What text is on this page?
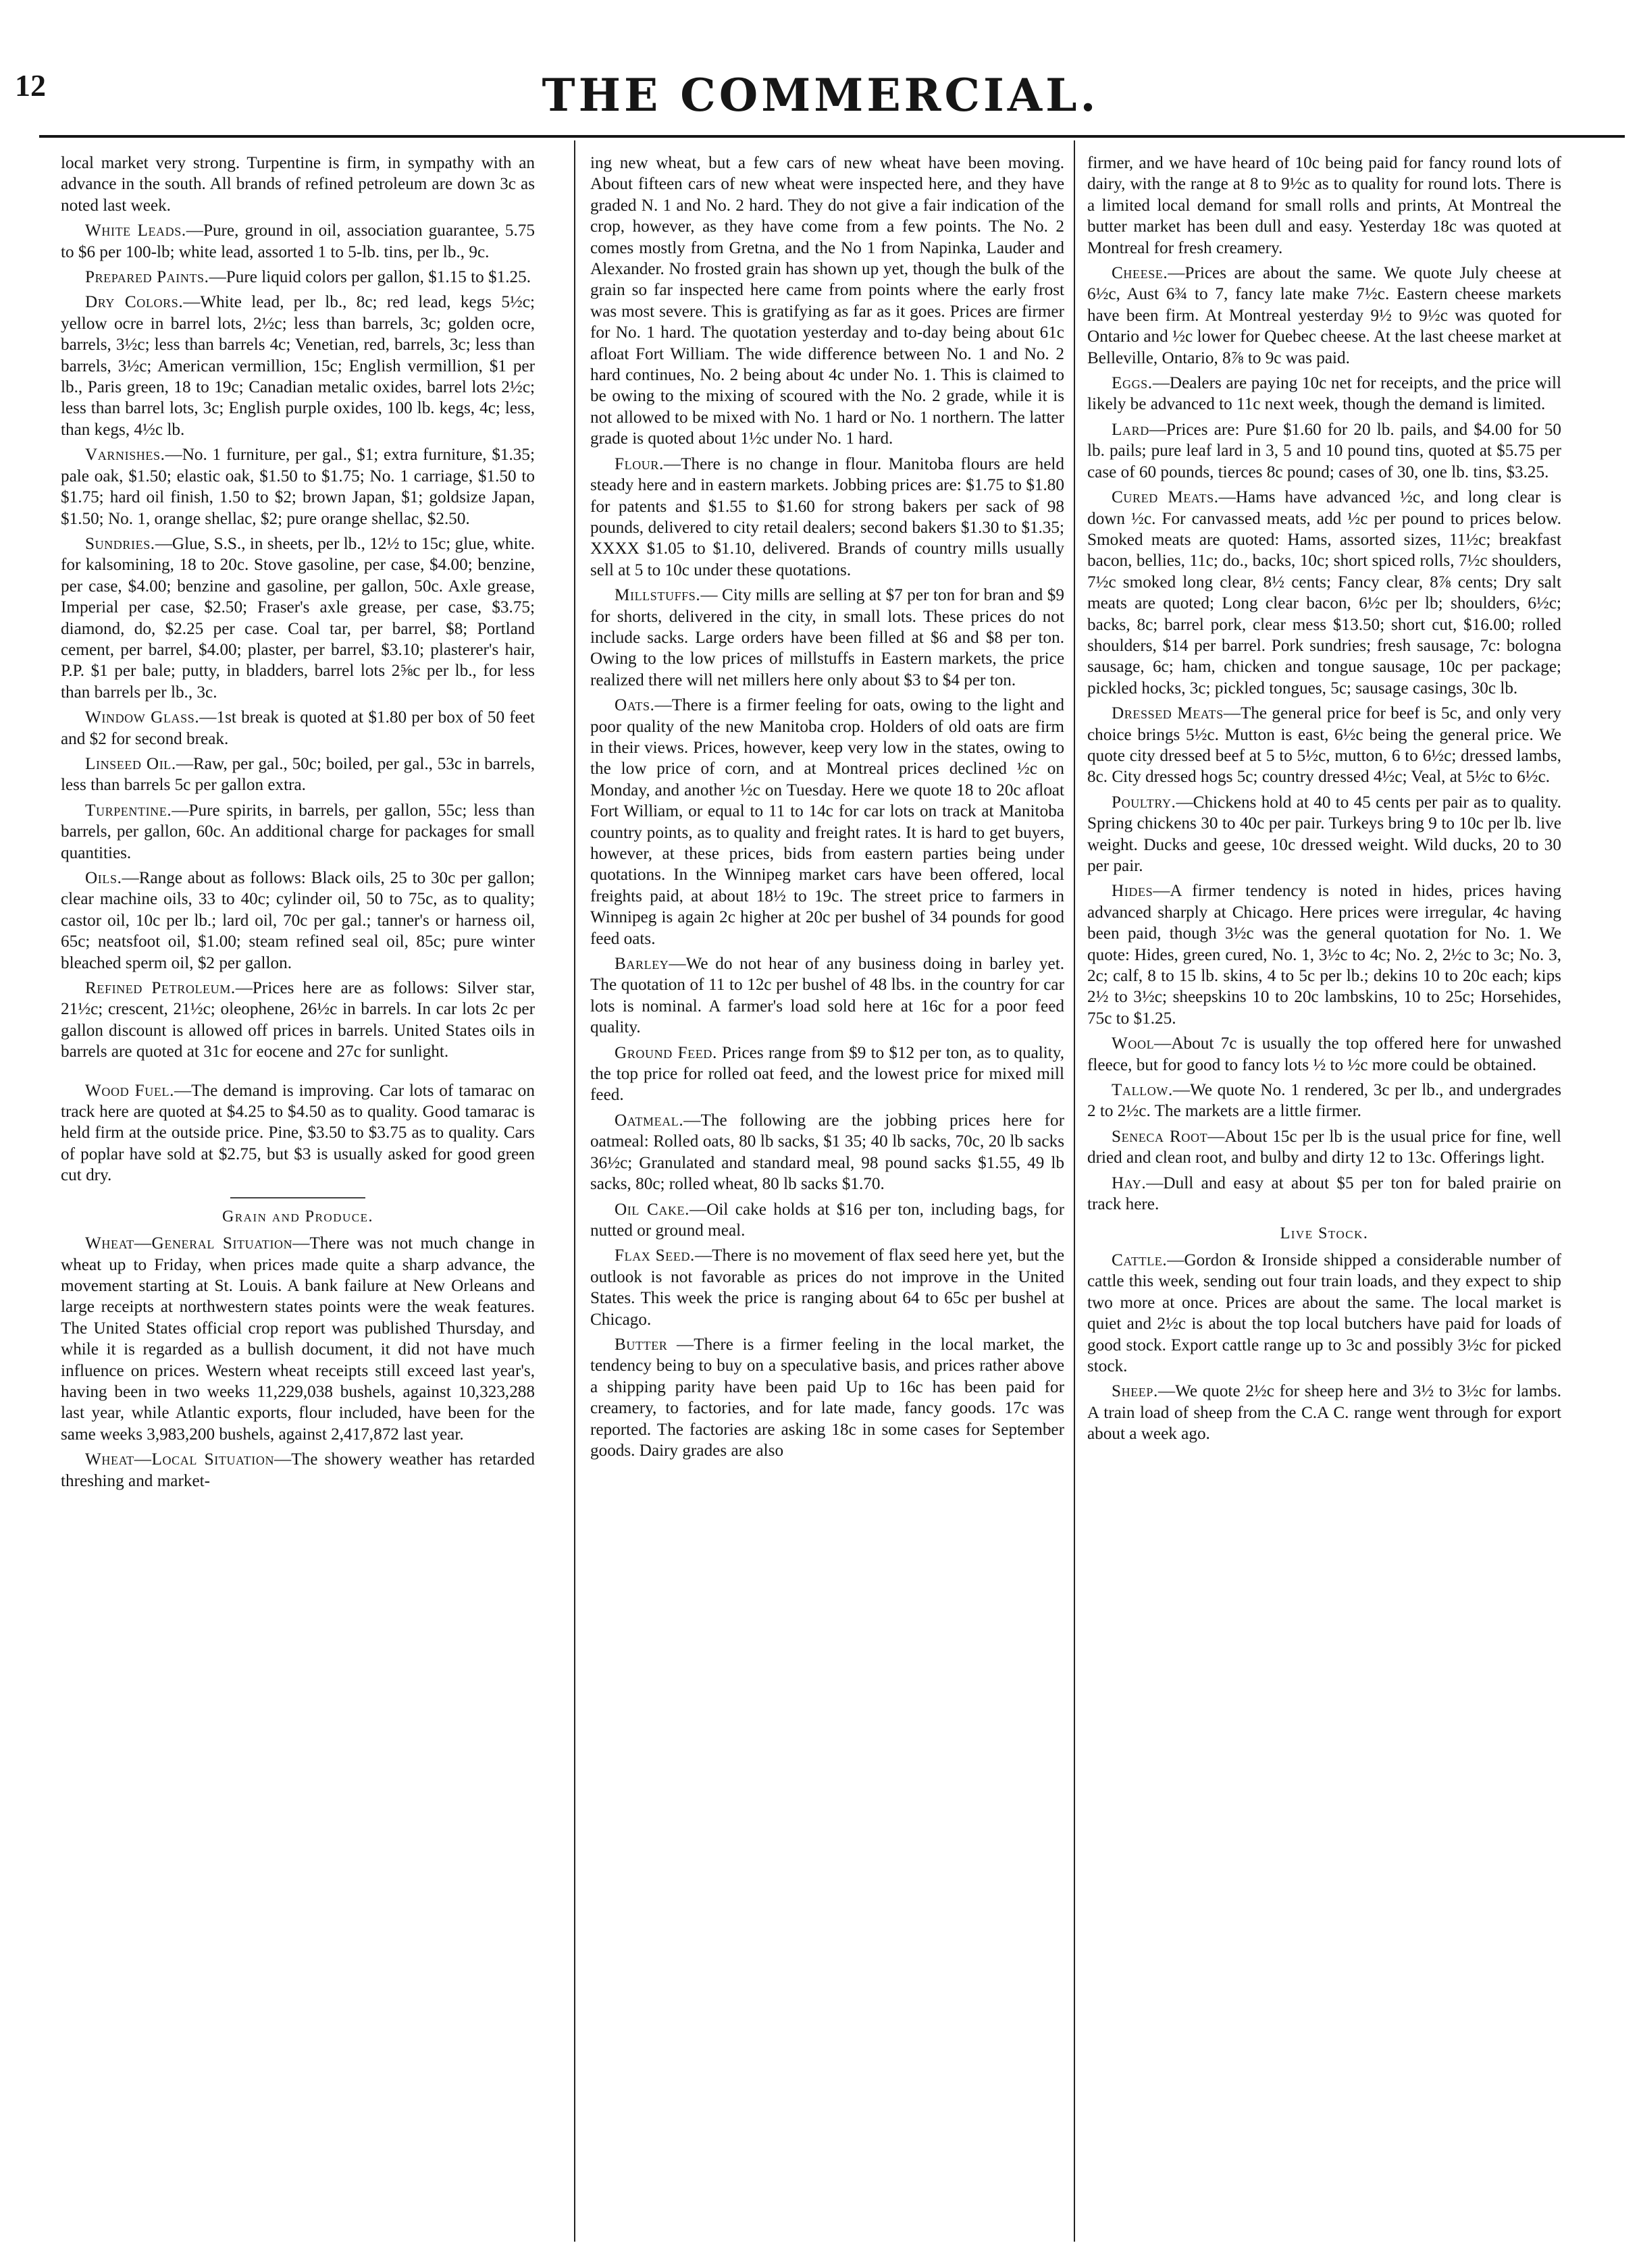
12	THE COMMERCIAL.

local market very strong. Turpentine is firm, in sympathy with an advance in the south. All brands of refined petroleum are down 3c as noted last week.

White Leads.—Pure, ground in oil, association guarantee, 5.75 to $6 per 100-lb; white lead, assorted 1 to 5-lb. tins, per lb., 9c.

Prepared Paints.—Pure liquid colors per gallon, $1.15 to $1.25.

Dry Colors.—White lead, per lb., 8c; red lead, kegs 5½c; yellow ocre in barrel lots, 2½c; less than barrels, 3c; golden ocre, barrels, 3½c; less than barrels 4c; Venetian, red, barrels, 3c; less than barrels, 3½c; American vermillion, 15c; English vermillion, $1 per lb., Paris green, 18 to 19c; Canadian metalic oxides, barrel lots 2½c; less than barrel lots, 3c; English purple oxides, 100 lb. kegs, 4c; less, than kegs, 4½c lb.

Varnishes.—No. 1 furniture, per gal., $1; extra furniture, $1.35; pale oak, $1.50; elastic oak, $1.50 to $1.75; No. 1 carriage, $1.50 to $1.75; hard oil finish, 1.50 to $2; brown Japan, $1; goldsize Japan, $1.50; No. 1, orange shellac, $2; pure orange shellac, $2.50.

Sundries.—Glue, S.S., in sheets, per lb., 12½ to 15c; glue, white. for kalsomining, 18 to 20c. Stove gasoline, per case, $4.00; benzine, per case, $4.00; benzine and gasoline, per gallon, 50c. Axle grease, Imperial per case, $2.50; Fraser's axle grease, per case, $3.75; diamond, do, $2.25 per case. Coal tar, per barrel, $8; Portland cement, per barrel, $4.00; plaster, per barrel, $3.10; plasterer's hair, P.P. $1 per bale; putty, in bladders, barrel lots 2⅝c per lb., for less than barrels per lb., 3c.

Window Glass.—1st break is quoted at $1.80 per box of 50 feet and $2 for second break.

Linseed Oil.—Raw, per gal., 50c; boiled, per gal., 53c in barrels, less than barrels 5c per gallon extra.

Turpentine.—Pure spirits, in barrels, per gallon, 55c; less than barrels, per gallon, 60c. An additional charge for packages for small quantities.

Oils.—Range about as follows: Black oils, 25 to 30c per gallon; clear machine oils, 33 to 40c; cylinder oil, 50 to 75c, as to quality; castor oil, 10c per lb.; lard oil, 70c per gal.; tanner's or harness oil, 65c; neatsfoot oil, $1.00; steam refined seal oil, 85c; pure winter bleached sperm oil, $2 per gallon.

Refined Petroleum.—Prices here are as follows: Silver star, 21½c; crescent, 21½c; oleophene, 26½c in barrels. In car lots 2c per gallon discount is allowed off prices in barrels. United States oils in barrels are quoted at 31c for eocene and 27c for sunlight.

Wood Fuel.—The demand is improving. Car lots of tamarac on track here are quoted at $4.25 to $4.50 as to quality. Good tamarac is held firm at the outside price. Pine, $3.50 to $3.75 as to quality. Cars of poplar have sold at $2.75, but $3 is usually asked for good green cut dry.

Grain and Produce.

Wheat—General Situation—There was not much change in wheat up to Friday, when prices made quite a sharp advance, the movement starting at St. Louis. A bank failure at New Orleans and large receipts at northwestern states points were the weak features. The United States official crop report was published Thursday, and while it is regarded as a bullish document, it did not have much influence on prices. Western wheat receipts still exceed last year's, having been in two weeks 11,229,038 bushels, against 10,323,288 last year, while Atlantic exports, flour included, have been for the same weeks 3,983,200 bushels, against 2,417,872 last year.

Wheat—Local Situation—The showery weather has retarded threshing and market-

ing new wheat, but a few cars of new wheat have been moving. About fifteen cars of new wheat were inspected here, and they have graded N. 1 and No. 2 hard. They do not give a fair indication of the crop, however, as they have come from a few points. The No. 2 comes mostly from Gretna, and the No 1 from Napinka, Lauder and Alexander. No frosted grain has shown up yet, though the bulk of the grain so far inspected here came from points where the early frost was most severe. This is gratifying as far as it goes. Prices are firmer for No. 1 hard. The quotation yesterday and to-day being about 61c afloat Fort William. The wide difference between No. 1 and No. 2 hard continues, No. 2 being about 4c under No. 1. This is claimed to be owing to the mixing of scoured with the No. 2 grade, while it is not allowed to be mixed with No. 1 hard or No. 1 northern. The latter grade is quoted about 1½c under No. 1 hard.

Flour.—There is no change in flour. Manitoba flours are held steady here and in eastern markets. Jobbing prices are: $1.75 to $1.80 for patents and $1.55 to $1.60 for strong bakers per sack of 98 pounds, delivered to city retail dealers; second bakers $1.30 to $1.35; XXXX $1.05 to $1.10, delivered. Brands of country mills usually sell at 5 to 10c under these quotations.

Millstuffs.— City mills are selling at $7 per ton for bran and $9 for shorts, delivered in the city, in small lots. These prices do not include sacks. Large orders have been filled at $6 and $8 per ton. Owing to the low prices of millstuffs in Eastern markets, the price realized there will net millers here only about $3 to $4 per ton.

Oats.—There is a firmer feeling for oats, owing to the light and poor quality of the new Manitoba crop. Holders of old oats are firm in their views. Prices, however, keep very low in the states, owing to the low price of corn, and at Montreal prices declined ½c on Monday, and another ½c on Tuesday. Here we quote 18 to 20c afloat Fort William, or equal to 11 to 14c for car lots on track at Manitoba country points, as to quality and freight rates. It is hard to get buyers, however, at these prices, bids from eastern parties being under quotations. In the Winnipeg market cars have been offered, local freights paid, at about 18½ to 19c. The street price to farmers in Winnipeg is again 2c higher at 20c per bushel of 34 pounds for good feed oats.

Barley—We do not hear of any business doing in barley yet. The quotation of 11 to 12c per bushel of 48 lbs. in the country for car lots is nominal. A farmer's load sold here at 16c for a poor feed quality.

Ground Feed. Prices range from $9 to $12 per ton, as to quality, the top price for rolled oat feed, and the lowest price for mixed mill feed.

Oatmeal.—The following are the jobbing prices here for oatmeal: Rolled oats, 80 lb sacks, $1 35; 40 lb sacks, 70c, 20 lb sacks 36½c; Granulated and standard meal, 98 pound sacks $1.55, 49 lb sacks, 80c; rolled wheat, 80 lb sacks $1.70.

Oil Cake.—Oil cake holds at $16 per ton, including bags, for nutted or ground meal.

Flax Seed.—There is no movement of flax seed here yet, but the outlook is not favorable as prices do not improve in the United States. This week the price is ranging about 64 to 65c per bushel at Chicago.

Butter —There is a firmer feeling in the local market, the tendency being to buy on a speculative basis, and prices rather above a shipping parity have been paid Up to 16c has been paid for creamery, to factories, and for late made, fancy goods. 17c was reported. The factories are asking 18c in some cases for September goods. Dairy grades are also

firmer, and we have heard of 10c being paid for fancy round lots of dairy, with the range at 8 to 9½c as to quality for round lots. There is a limited local demand for small rolls and prints, At Montreal the butter market has been dull and easy. Yesterday 18c was quoted at Montreal for fresh creamery.

Cheese.—Prices are about the same. We quote July cheese at 6½c, Aust 6¾ to 7, fancy late make 7½c. Eastern cheese markets have been firm. At Montreal yesterday 9½ to 9½c was quoted for Ontario and ½c lower for Quebec cheese. At the last cheese market at Belleville, Ontario, 8⅞ to 9c was paid.

Eggs.—Dealers are paying 10c net for receipts, and the price will likely be advanced to 11c next week, though the demand is limited.

Lard—Prices are: Pure $1.60 for 20 lb. pails, and $4.00 for 50 lb. pails; pure leaf lard in 3, 5 and 10 pound tins, quoted at $5.75 per case of 60 pounds, tierces 8c pound; cases of 30, one lb. tins, $3.25.

Cured Meats.—Hams have advanced ½c, and long clear is down ½c. For canvassed meats, add ½c per pound to prices below. Smoked meats are quoted: Hams, assorted sizes, 11½c; breakfast bacon, bellies, 11c; do., backs, 10c; short spiced rolls, 7½c shoulders, 7½c smoked long clear, 8½ cents; Fancy clear, 8⅞ cents; Dry salt meats are quoted; Long clear bacon, 6½c per lb; shoulders, 6½c; backs, 8c; barrel pork, clear mess $13.50; short cut, $16.00; rolled shoulders, $14 per barrel. Pork sundries; fresh sausage, 7c: bologna sausage, 6c; ham, chicken and tongue sausage, 10c per package; pickled hocks, 3c; pickled tongues, 5c; sausage casings, 30c lb.

Dressed Meats—The general price for beef is 5c, and only very choice brings 5½c. Mutton is east, 6½c being the general price. We quote city dressed beef at 5 to 5½c, mutton, 6 to 6½c; dressed lambs, 8c. City dressed hogs 5c; country dressed 4½c; Veal, at 5½c to 6½c.

Poultry.—Chickens hold at 40 to 45 cents per pair as to quality. Spring chickens 30 to 40c per pair. Turkeys bring 9 to 10c per lb. live weight. Ducks and geese, 10c dressed weight. Wild ducks, 20 to 30 per pair.

Hides—A firmer tendency is noted in hides, prices having advanced sharply at Chicago. Here prices were irregular, 4c having been paid, though 3½c was the general quotation for No. 1. We quote: Hides, green cured, No. 1, 3½c to 4c; No. 2, 2½c to 3c; No. 3, 2c; calf, 8 to 15 lb. skins, 4 to 5c per lb.; dekins 10 to 20c each; kips 2½ to 3½c; sheepskins 10 to 20c lambskins, 10 to 25c; Horsehides, 75c to $1.25.

Wool—About 7c is usually the top offered here for unwashed fleece, but for good to fancy lots ½ to ½c more could be obtained.

Tallow.—We quote No. 1 rendered, 3c per lb., and undergrades 2 to 2½c. The markets are a little firmer.

Seneca Root—About 15c per lb is the usual price for fine, well dried and clean root, and bulby and dirty 12 to 13c. Offerings light.

Hay.—Dull and easy at about $5 per ton for baled prairie on track here.

Live Stock.

Cattle.—Gordon & Ironside shipped a considerable number of cattle this week, sending out four train loads, and they expect to ship two more at once. Prices are about the same. The local market is quiet and 2½c is about the top local butchers have paid for loads of good stock. Export cattle range up to 3c and possibly 3½c for picked stock.

Sheep.—We quote 2½c for sheep here and 3½ to 3½c for lambs. A train load of sheep from the C.A C. range went through for export about a week ago.
